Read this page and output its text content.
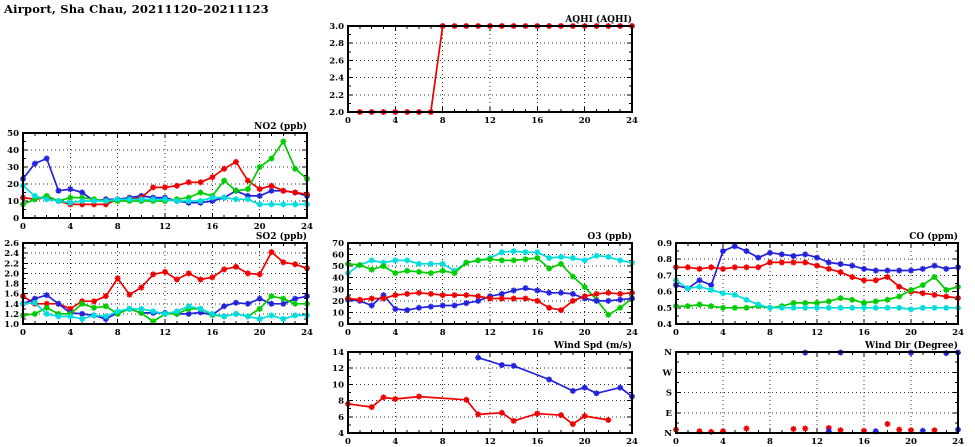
Airport, Sha Chau, 20211120–20211123
0	4	8	12	16	20	24
2.0
2.2
2.4
2.6
2.8
3.0
AQHI (AQHI)
0	4	8	12	16	20	24
0
10
20
30
40
50
NO2 (ppb)
0	4	8	12	16	20	24
1.0
1.2
1.4
1.6
1.8
2.0
2.2
2.4
2.6
SO2 (ppb)
0	4	8	12	16	20	24
0
10
20
30
40
50
60
70
O3 (ppb)
0	4	8	12	16	20	24
0.4
0.5
0.6
0.7
0.8
0.9
CO (ppm)
0	4	8	12	16	20	24
4
6
8
10
12
14
Wind Spd (m/s)
0	4	8	12	16	20	24
N
E
S
W
N
Wind Dir (Degree)
